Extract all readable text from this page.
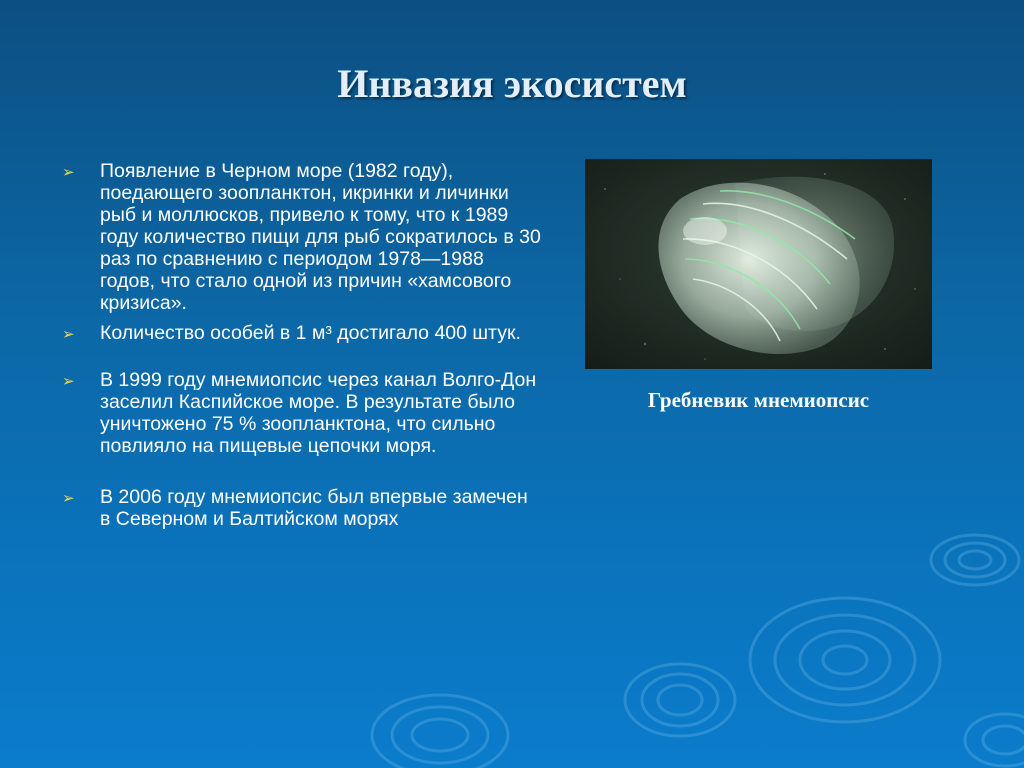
Инвазия экосистем
➢ Появление в Черном море (1982 году), поедающего зоопланктон, икринки и личинки рыб и моллюсков, привело к тому, что к 1989 году количество пищи для рыб сократилось в 30 раз по сравнению с периодом 1978—1988 годов, что стало одной из причин «хамсового кризиса».
➢ Количество особей в 1 м³ достигало 400 штук.
➢ В 1999 году мнемиопсис через канал Волго-Дон заселил Каспийское море. В результате было уничтожено 75 % зоопланктона, что сильно повлияло на пищевые цепочки моря.
➢ В 2006 году мнемиопсис был впервые замечен в Северном и Балтийском морях
Гребневик мнемиопсис
